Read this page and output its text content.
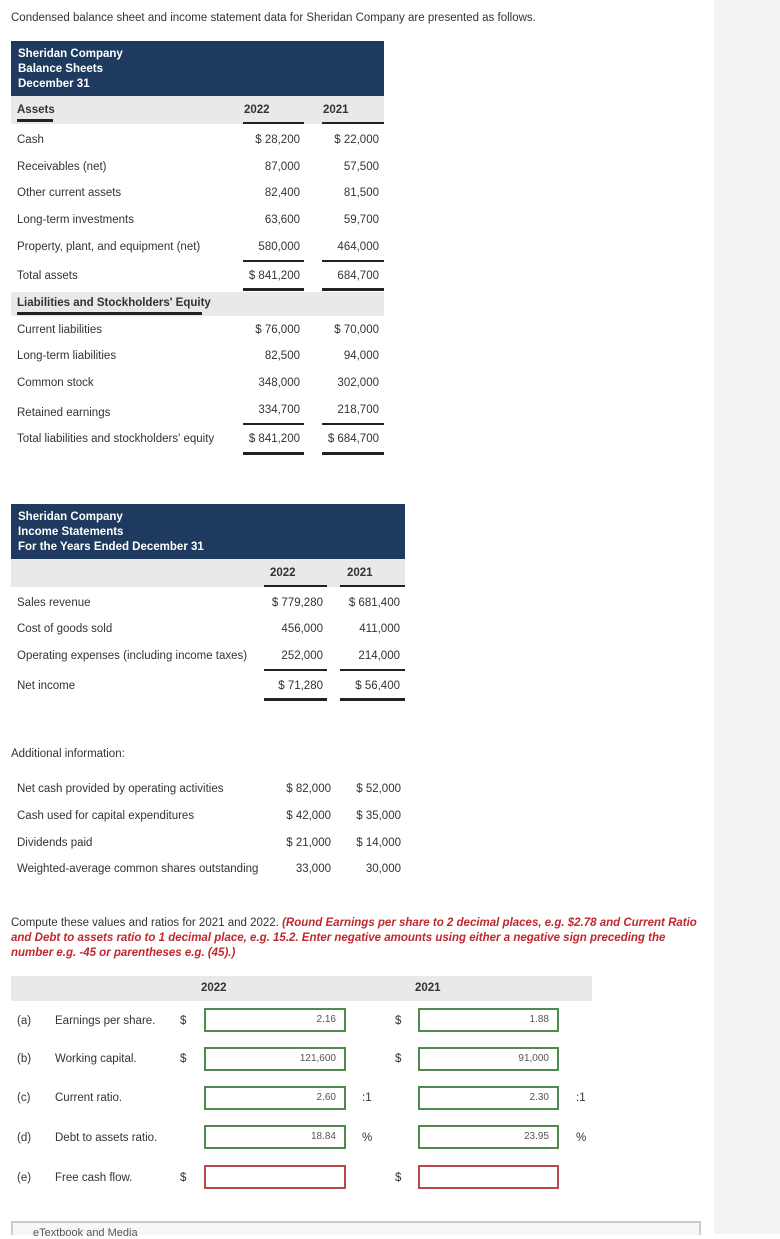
Condensed balance sheet and income statement data for Sheridan Company are presented as follows.
Sheridan Company
Balance Sheets
December 31
Assets	2022	2021
Cash	$ 28,200	$ 22,000
Receivables (net)	87,000	57,500
Other current assets	82,400	81,500
Long-term investments	63,600	59,700
Property, plant, and equipment (net)	580,000	464,000
Total assets	$ 841,200	684,700
Liabilities and Stockholders' Equity
Current liabilities	$ 76,000	$ 70,000
Long-term liabilities	82,500	94,000
Common stock	348,000	302,000
Retained earnings	334,700	218,700
Total liabilities and stockholders' equity	$ 841,200	$ 684,700
Sheridan Company
Income Statements
For the Years Ended December 31
2022	2021
Sales revenue	$ 779,280	$ 681,400
Cost of goods sold	456,000	411,000
Operating expenses (including income taxes)	252,000	214,000
Net income	$ 71,280	$ 56,400
Additional information:
Net cash provided by operating activities	$ 82,000	$ 52,000
Cash used for capital expenditures	$ 42,000	$ 35,000
Dividends paid	$ 21,000	$ 14,000
Weighted-average common shares outstanding	33,000	30,000
Compute these values and ratios for 2021 and 2022. (Round Earnings per share to 2 decimal places, e.g. $2.78 and Current Ratio and Debt to assets ratio to 1 decimal place, e.g. 15.2. Enter negative amounts using either a negative sign preceding the number e.g. -45 or parentheses e.g. (45).)
2022	2021
(a) Earnings per share. $	2.16	$	1.88
(b) Working capital.	$	121,600	$	91,000
(c) Current ratio.	2.60 :1	2.30 :1
(d) Debt to assets ratio.	18.84 %	23.95 %
(e) Free cash flow.	$	$
eTextbook and Media
